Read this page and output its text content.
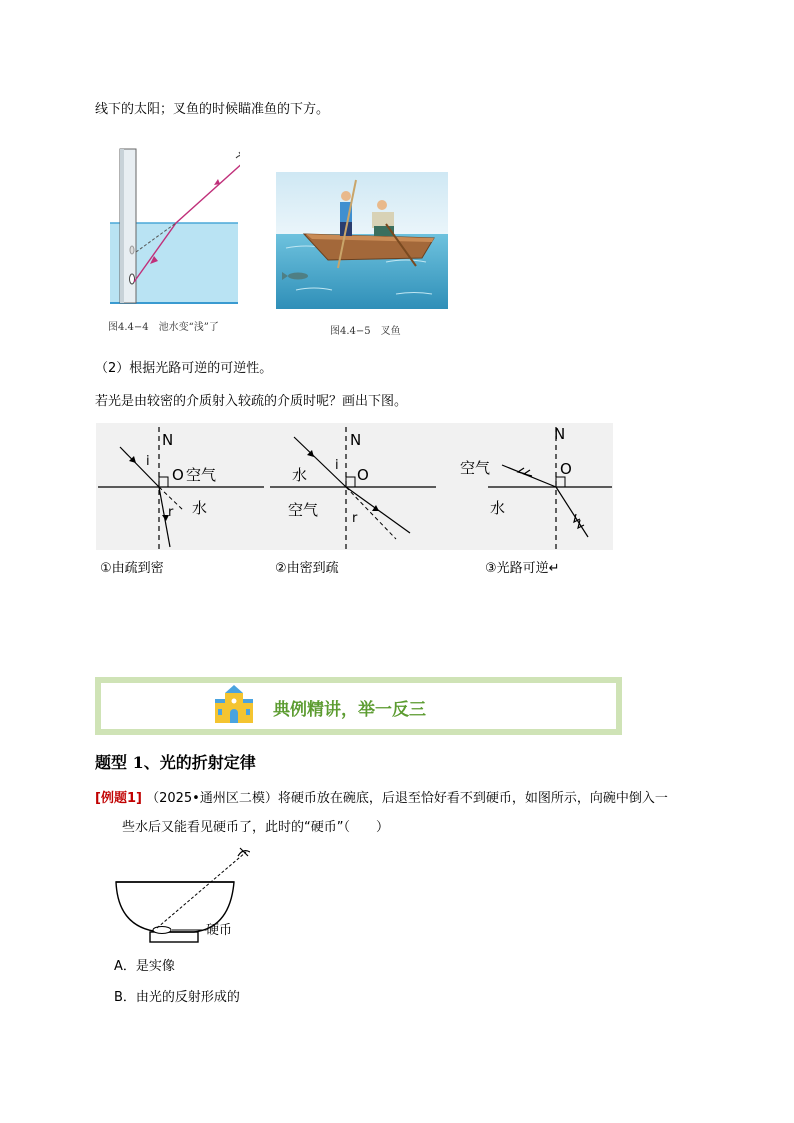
线下的太阳；叉鱼的时候瞄准鱼的下方。
图4.4−4　池水变“浅”了	图4.4−5　叉鱼
（2）根据光路可逆的可逆性。
若光是由较密的介质射入较疏的介质时呢？画出下图。
N
i
O 空气
水
r
N
i
O
水
空气	r
N
O
空气
水
①由疏到密	②由密到疏	③光路可逆↵
典例精讲，举一反三
题型 1、光的折射定律
[例题1] （2025•通州区二模）将硬币放在碗底，后退至恰好看不到硬币，如图所示，向碗中倒入一
些水后又能看见硬币了，此时的“硬币”（　　）
硬币
A．是实像
B．由光的反射形成的
